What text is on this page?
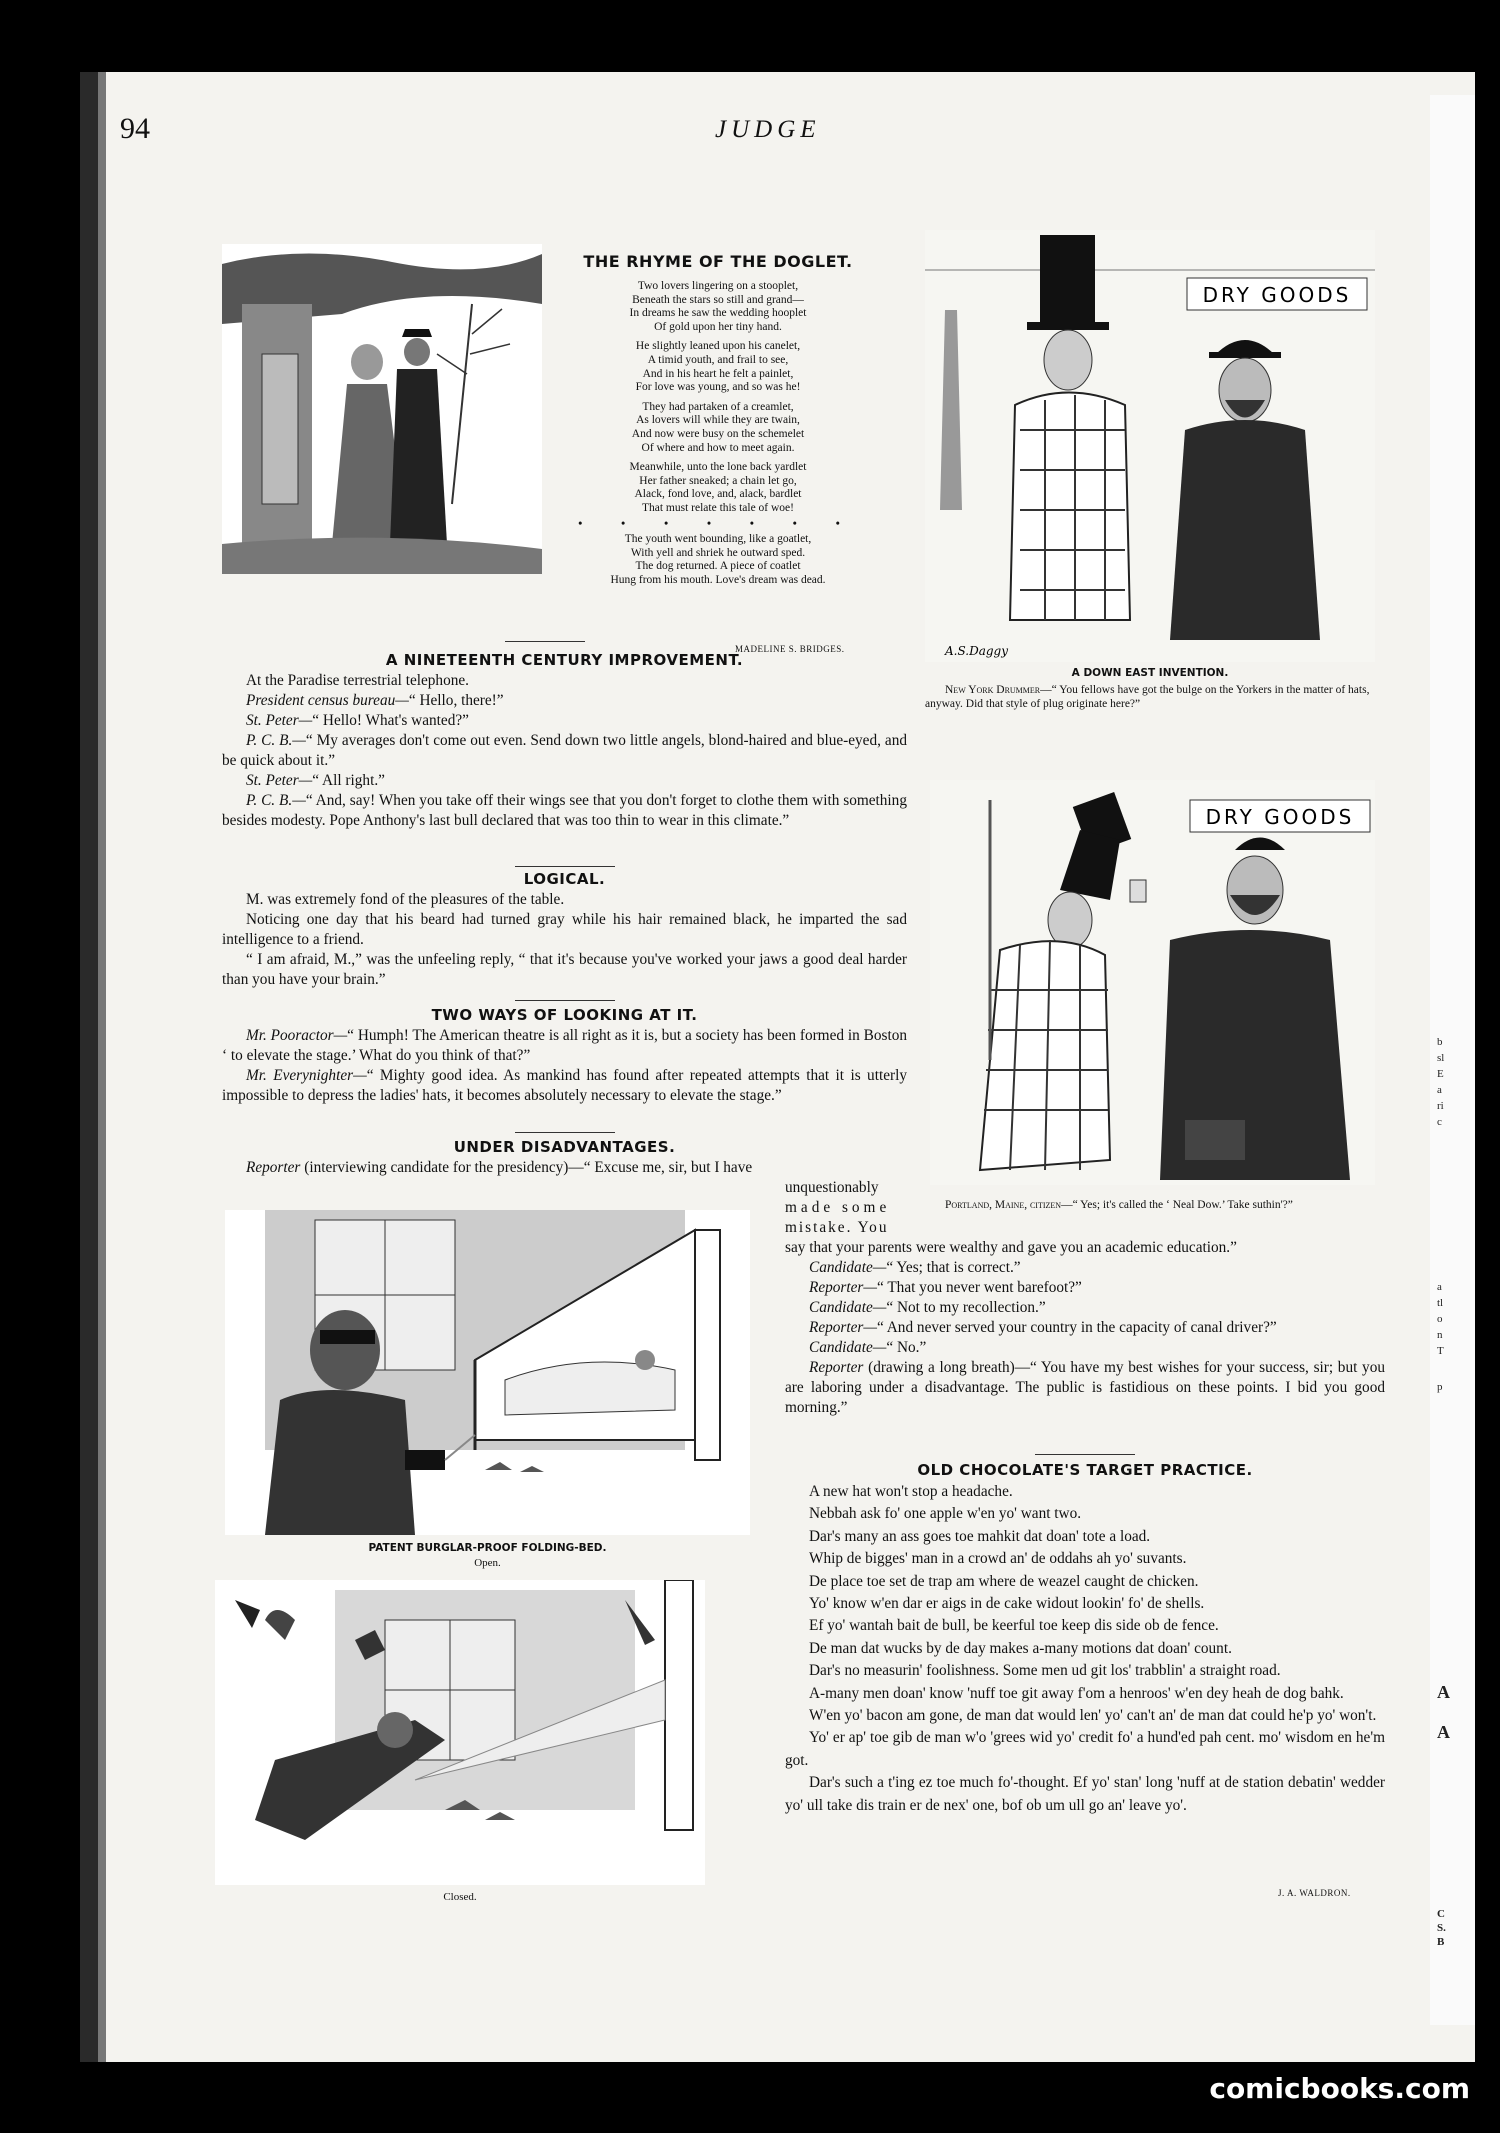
b
sl
E
a
ri
c
a
tl
o
n
T
p
A
A
C
S.
B
94	JUDGE
THE RHYME OF THE DOGLET.

Two lovers lingering on a stooplet,
Beneath the stars so still and grand—
In dreams he saw the wedding hooplet
Of gold upon her tiny hand.

He slightly leaned upon his canelet,
A timid youth, and frail to see,
And in his heart he felt a painlet,
For love was young, and so was he!

They had partaken of a creamlet,
As lovers will while they are twain,
And now were busy on the schemelet
Of where and how to meet again.

Meanwhile, unto the lone back yardlet
Her father sneaked; a chain let go,
Alack, fond love, and, alack, bardlet
That must relate this tale of woe!

• • • • • • •

The youth went bounding, like a goatlet,
With yell and shriek he outward sped.
The dog returned. A piece of coatlet
Hung from his mouth. Love's dream was dead.

MADELINE S. BRIDGES.
A NINETEENTH CENTURY IMPROVEMENT.

At the Paradise terrestrial telephone.

President census bureau—“ Hello, there!”

St. Peter—“ Hello! What's wanted?”

P. C. B.—“ My averages don't come out even. Send down two little angels, blond-haired and blue-eyed, and be quick about it.”

St. Peter—“ All right.”

P. C. B.—“ And, say! When you take off their wings see that you don't forget to clothe them with something besides modesty. Pope Anthony's last bull declared that was too thin to wear in this climate.”

LOGICAL.

M. was extremely fond of the pleasures of the table.

Noticing one day that his beard had turned gray while his hair remained black, he imparted the sad intelligence to a friend.

“ I am afraid, M.,” was the unfeeling reply, “ that it's because you've worked your jaws a good deal harder than you have your brain.”

TWO WAYS OF LOOKING AT IT.

Mr. Pooractor—“ Humph! The American theatre is all right as it is, but a society has been formed in Boston ‘ to elevate the stage.’ What do you think of that?”

Mr. Everynighter—“ Mighty good idea. As mankind has found after repeated attempts that it is utterly impossible to depress the ladies' hats, it becomes absolutely necessary to elevate the stage.”

UNDER DISADVANTAGES.

Reporter (interviewing candidate for the presidency)—“ Excuse me, sir, but I have

unquestionably

made some

mistake. You

say that your parents were wealthy and gave you an academic education.”

Candidate—“ Yes; that is correct.”

Reporter—“ That you never went barefoot?”

Candidate—“ Not to my recollection.”

Reporter—“ And never served your country in the capacity of canal driver?”

Candidate—“ No.”

Reporter (drawing a long breath)—“ You have my best wishes for your success, sir; but you are laboring under a disadvantage. The public is fastidious on these points. I bid you good morning.”

OLD CHOCOLATE'S TARGET PRACTICE.

A new hat won't stop a headache.

Nebbah ask fo' one apple w'en yo' want two.

Dar's many an ass goes toe mahkit dat doan' tote a load.

Whip de bigges' man in a crowd an' de oddahs ah yo' suvants.

De place toe set de trap am where de weazel caught de chicken.

Yo' know w'en dar er aigs in de cake widout lookin' fo' de shells.

Ef yo' wantah bait de bull, be keerful toe keep dis side ob de fence.

De man dat wucks by de day makes a-many motions dat doan' count.

Dar's no measurin' foolishness. Some men ud git los' trabblin' a straight road.

A-many men doan' know 'nuff toe git away f'om a henroos' w'en dey heah de dog bahk.

W'en yo' bacon am gone, de man dat would len' yo' can't an' de man dat could he'p yo' won't.

Yo' er ap' toe gib de man w'o 'grees wid yo' credit fo' a hund'ed pah cent. mo' wisdom en he'm got.

Dar's such a t'ing ez toe much fo'-thought. Ef yo' stan' long 'nuff at de station debatin' wedder yo' ull take dis train er de nex' one, bof ob um ull go an' leave yo'.

J. A. WALDRON.
PATENT BURGLAR-PROOF FOLDING-BED.
Open.
Closed.
DRY GOODS
A.S.Daggy
A DOWN EAST INVENTION.
New York Drummer—“ You fellows have got the bulge on the Yorkers in the matter of hats, anyway. Did that style of plug originate here?”
DRY GOODS
Portland, Maine, citizen—“ Yes; it's called the ‘ Neal Dow.’ Take suthin'?”
comicbooks.com
